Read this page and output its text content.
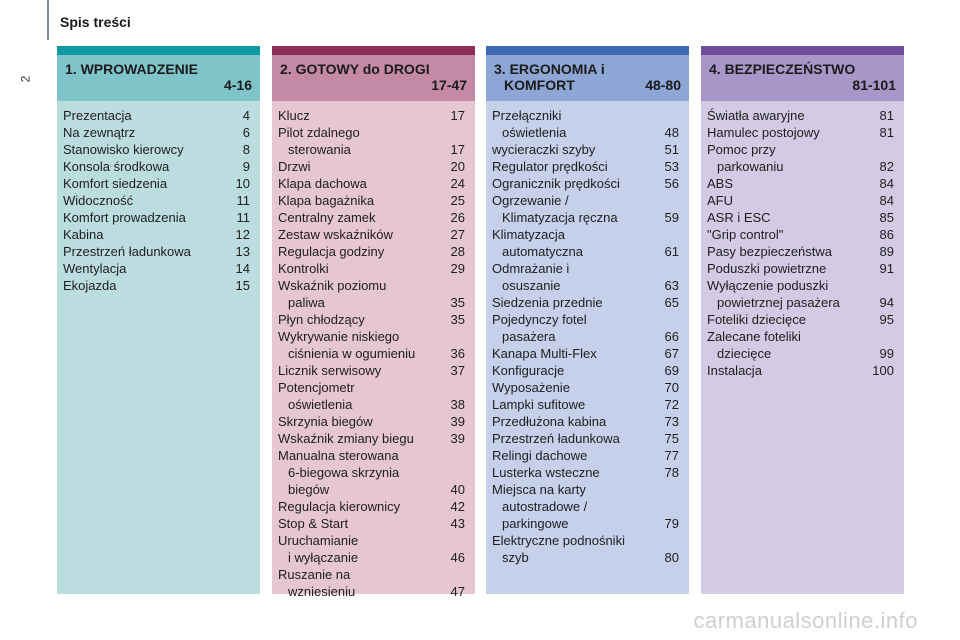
Spis treści
2
1. WPROWADZENIE
4-16
Prezentacja	4
Na zewnątrz	6
Stanowisko kierowcy	8
Konsola środkowa	9
Komfort siedzenia	10
Widoczność	11
Komfort prowadzenia	11
Kabina	12
Przestrzeń ładunkowa	13
Wentylacja	14
Ekojazda	15
2. GOTOWY do DROGI
17-47
Klucz	17
Pilot zdalnego
sterowania	17
Drzwi	20
Klapa dachowa	24
Klapa bagażnika	25
Centralny zamek	26
Zestaw wskaźników	27
Regulacja godziny	28
Kontrolki	29
Wskaźnik poziomu
paliwa	35
Płyn chłodzący	35
Wykrywanie niskiego
ciśnienia w ogumieniu	36
Licznik serwisowy	37
Potencjometr
oświetlenia	38
Skrzynia biegów	39
Wskaźnik zmiany biegu	39
Manualna sterowana
6-biegowa skrzynia
biegów	40
Regulacja kierownicy	42
Stop & Start	43
Uruchamianie
i wyłączanie	46
Ruszanie na
wzniesieniu	47
3. ERGONOMIA i
KOMFORT	48-80
Przełączniki
oświetlenia	48
wycieraczki szyby	51
Regulator prędkości	53
Ogranicznik prędkości	56
Ogrzewanie /
Klimatyzacja ręczna	59
Klimatyzacja
automatyczna	61
Odmrażanie i
osuszanie	63
Siedzenia przednie	65
Pojedynczy fotel
pasażera	66
Kanapa Multi-Flex	67
Konfiguracje	69
Wyposażenie	70
Lampki sufitowe	72
Przedłużona kabina	73
Przestrzeń ładunkowa	75
Relingi dachowe	77
Lusterka wsteczne	78
Miejsca na karty
autostradowe /
parkingowe	79
Elektryczne podnośniki
szyb	80
4. BEZPIECZEŃSTWO
81-101
Światła awaryjne	81
Hamulec postojowy	81
Pomoc przy
parkowaniu	82
ABS	84
AFU	84
ASR i ESC	85
"Grip control"	86
Pasy bezpieczeństwa	89
Poduszki powietrzne	91
Wyłączenie poduszki
powietrznej pasażera	94
Foteliki dziecięce	95
Zalecane foteliki
dziecięce	99
Instalacja	100
carmanualsonline.info
